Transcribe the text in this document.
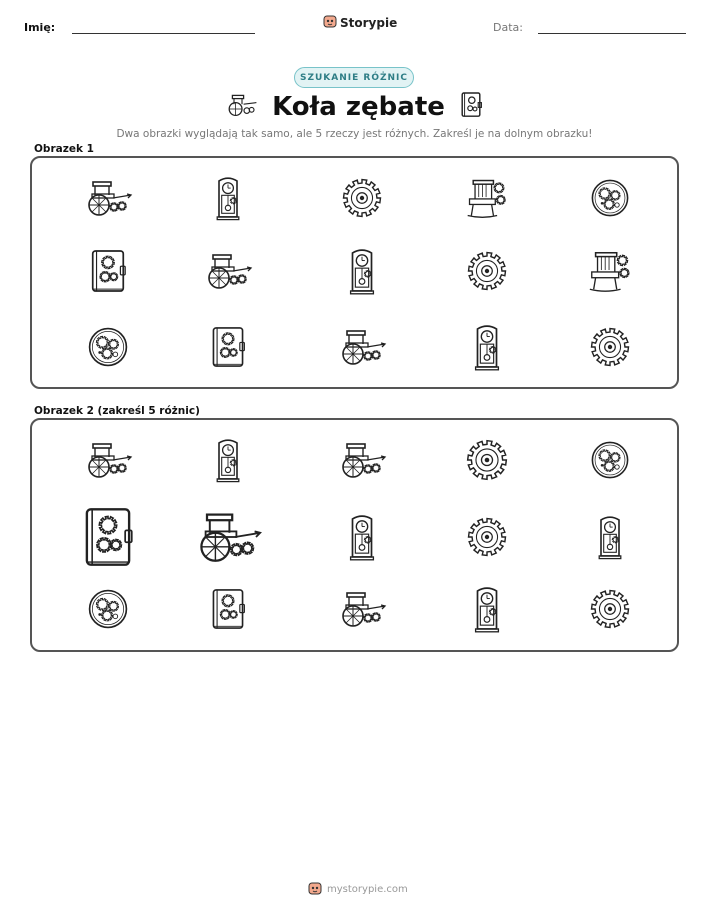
Imię:	Storypie	Data:
SZUKANIE RÓŻNIC
Koła zębate
Dwa obrazki wyglądają tak samo, ale 5 rzeczy jest różnych. Zakreśl je na dolnym obrazku!
Obrazek 1
Obrazek 2 (zakreśl 5 różnic)
mystorypie.com
